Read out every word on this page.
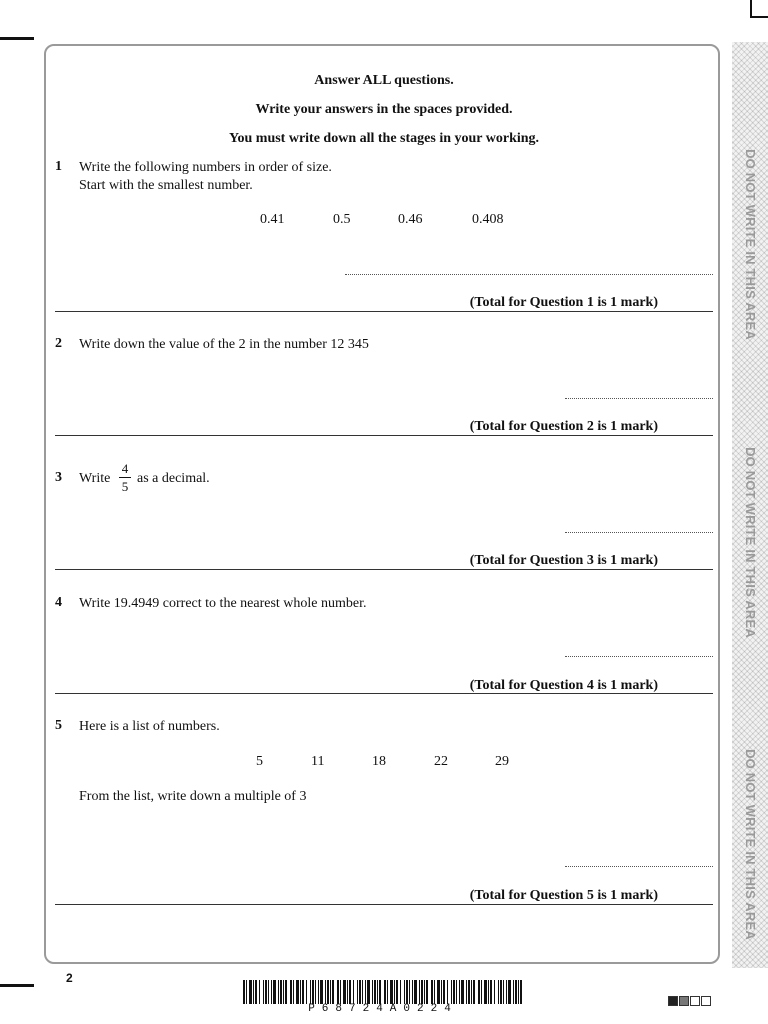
DO NOT WRITE IN THIS AREA
DO NOT WRITE IN THIS AREA
DO NOT WRITE IN THIS AREA
Answer ALL questions.
Write your answers in the spaces provided.
You must write down all the stages in your working.
1 Write the following numbers in order of size.
Start with the smallest number.
0.41	0.5	0.46	0.408
(Total for Question 1 is 1 mark)
2 Write down the value of the 2 in the number 12 345
(Total for Question 2 is 1 mark)
3 Write
4
5
as a decimal.
(Total for Question 3 is 1 mark)
4 Write 19.4949 correct to the nearest whole number.
(Total for Question 4 is 1 mark)
5 Here is a list of numbers.
5	11	18	22	29
From the list, write down a multiple of 3
(Total for Question 5 is 1 mark)
2
P68724A0224
